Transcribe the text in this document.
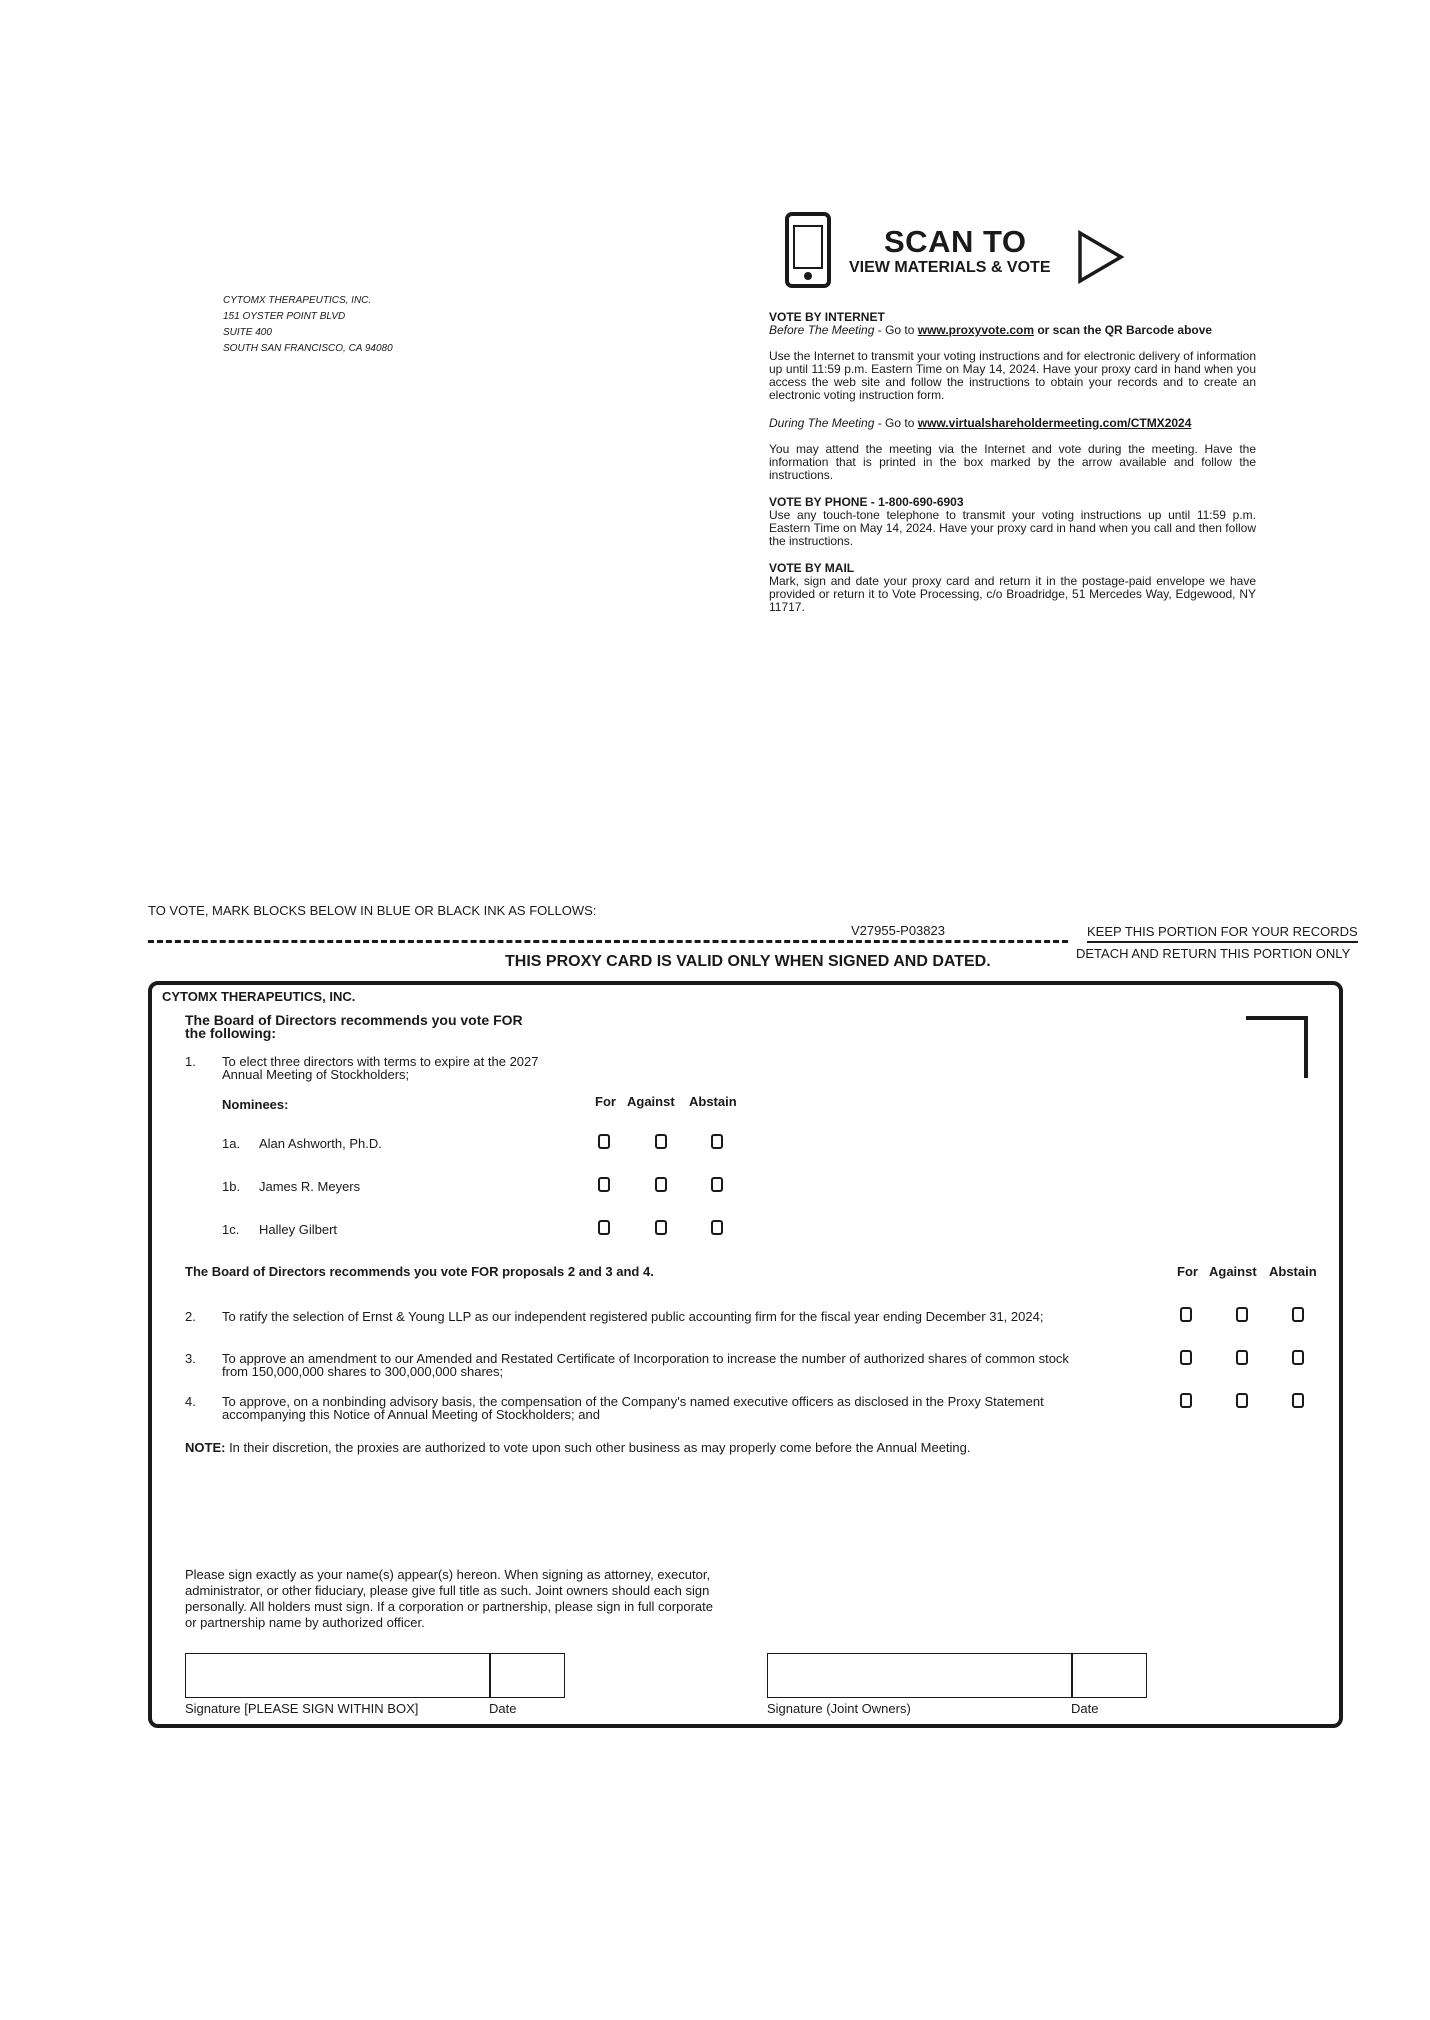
CYTOMX THERAPEUTICS, INC.
151 OYSTER POINT BLVD
SUITE 400
SOUTH SAN FRANCISCO, CA 94080
SCAN TO
VIEW MATERIALS & VOTE
VOTE BY INTERNET
Before The Meeting - Go to www.proxyvote.com or scan the QR Barcode above
Use the Internet to transmit your voting instructions and for electronic delivery of information up until 11:59 p.m. Eastern Time on May 14, 2024. Have your proxy card in hand when you access the web site and follow the instructions to obtain your records and to create an electronic voting instruction form.
During The Meeting - Go to www.virtualshareholdermeeting.com/CTMX2024
You may attend the meeting via the Internet and vote during the meeting. Have the information that is printed in the box marked by the arrow available and follow the instructions.
VOTE BY PHONE - 1-800-690-6903
Use any touch-tone telephone to transmit your voting instructions up until 11:59 p.m. Eastern Time on May 14, 2024. Have your proxy card in hand when you call and then follow the instructions.
VOTE BY MAIL
Mark, sign and date your proxy card and return it in the postage-paid envelope we have provided or return it to Vote Processing, c/o Broadridge, 51 Mercedes Way, Edgewood, NY 11717.
TO VOTE, MARK BLOCKS BELOW IN BLUE OR BLACK INK AS FOLLOWS:
V27955-P03823	KEEP THIS PORTION FOR YOUR RECORDS
THIS PROXY CARD IS VALID ONLY WHEN SIGNED AND DATED.	DETACH AND RETURN THIS PORTION ONLY
CYTOMX THERAPEUTICS, INC.
The Board of Directors recommends you vote FOR
the following:
1. To elect three directors with terms to expire at the 2027
Annual Meeting of Stockholders;
Nominees:	For Against Abstain
1a. Alan Ashworth, Ph.D.
1b. James R. Meyers
1c. Halley Gilbert
The Board of Directors recommends you vote FOR proposals 2 and 3 and 4.	For Against Abstain
2. To ratify the selection of Ernst & Young LLP as our independent registered public accounting firm for the fiscal year ending December 31, 2024;
3. To approve an amendment to our Amended and Restated Certificate of Incorporation to increase the number of authorized shares of common stock
from 150,000,000 shares to 300,000,000 shares;
4. To approve, on a nonbinding advisory basis, the compensation of the Company's named executive officers as disclosed in the Proxy Statement
accompanying this Notice of Annual Meeting of Stockholders; and
NOTE: In their discretion, the proxies are authorized to vote upon such other business as may properly come before the Annual Meeting.
Please sign exactly as your name(s) appear(s) hereon. When signing as attorney, executor,
administrator, or other fiduciary, please give full title as such. Joint owners should each sign
personally. All holders must sign. If a corporation or partnership, please sign in full corporate
or partnership name by authorized officer.
Signature [PLEASE SIGN WITHIN BOX]	Date	Signature (Joint Owners)	Date
